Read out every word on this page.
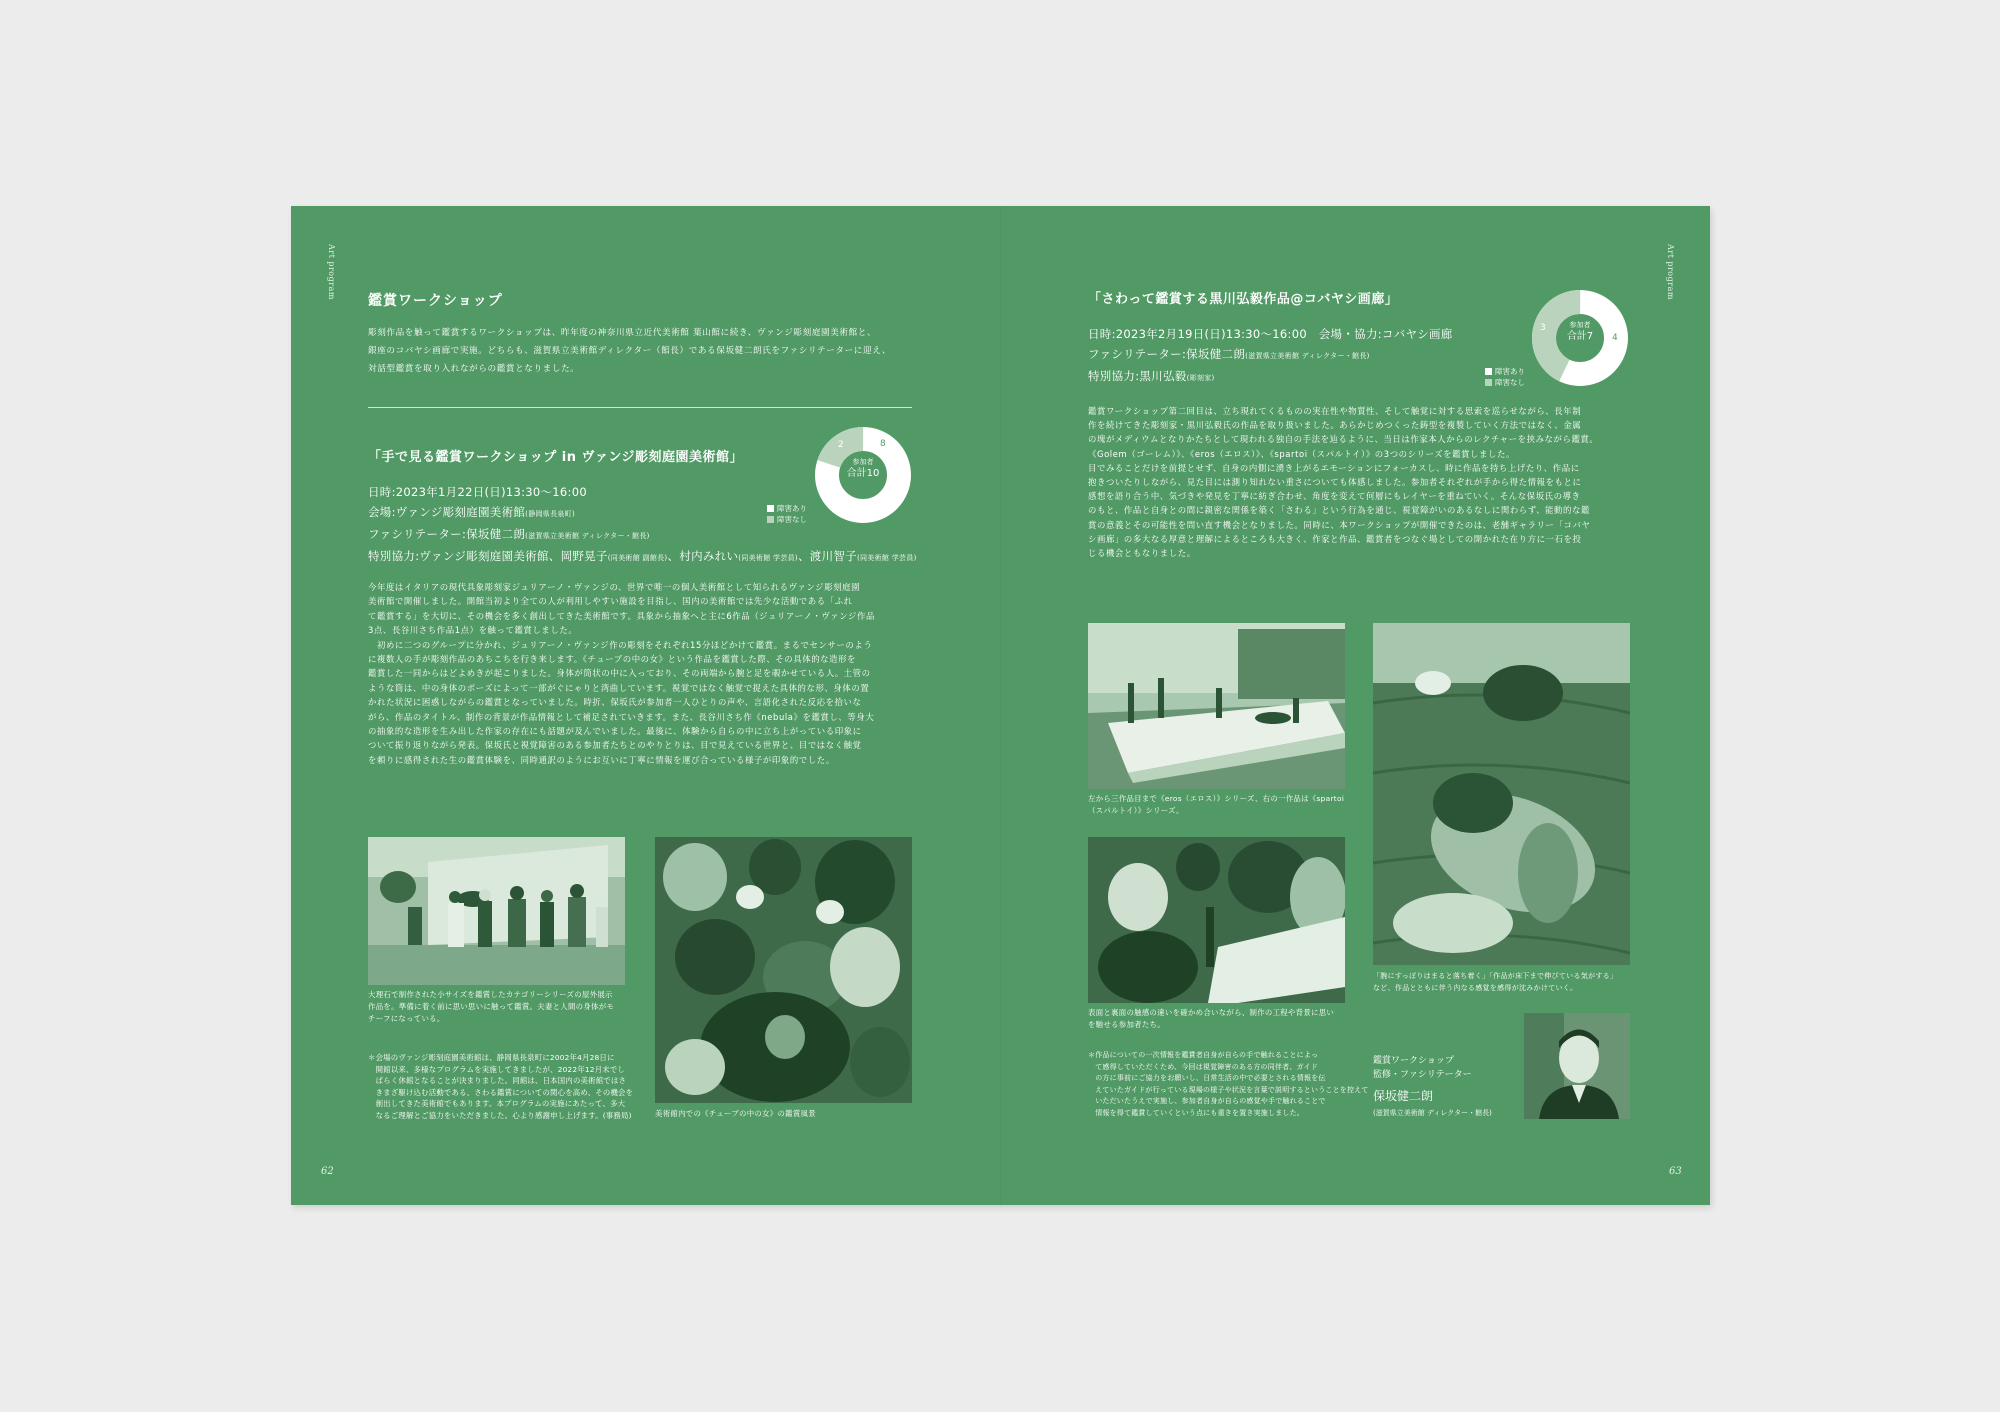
Art program
62
鑑賞ワークショップ
彫刻作品を触って鑑賞するワークショップは、昨年度の神奈川県立近代美術館 葉山館に続き、ヴァンジ彫刻庭園美術館と、
銀座のコバヤシ画廊で実施。どちらも、滋賀県立美術館ディレクター（館長）である保坂健二朗氏をファシリテーターに迎え、
対話型鑑賞を取り入れながらの鑑賞となりました。
「手で見る鑑賞ワークショップ in ヴァンジ彫刻庭園美術館」
日時:2023年1月22日(日)13:30～16:00
会場:ヴァンジ彫刻庭園美術館(静岡県長泉町)
ファシリテーター:保坂健二朗(滋賀県立美術館 ディレクター・館長)
特別協力:ヴァンジ彫刻庭園美術館、岡野晃子(同美術館 副館長)、村内みれい(同美術館 学芸員)、渡川智子(同美術館 学芸員)
参加者
合計10
8
2
障害あり
障害なし
今年度はイタリアの現代具象彫刻家ジュリアーノ・ヴァンジの、世界で唯一の個人美術館として知られるヴァンジ彫刻庭園
美術館で開催しました。開館当初より全ての人が利用しやすい施設を目指し、国内の美術館では先少な活動である「ふれ
て鑑賞する」を大切に、その機会を多く創出してきた美術館です。具象から抽象へと主に6作品（ジュリアーノ・ヴァンジ作品
3点、長谷川さち作品1点）を触って鑑賞しました。
　初めに二つのグループに分かれ、ジュリアーノ・ヴァンジ作の彫刻をそれぞれ15分ほどかけて鑑賞。まるでセンサーのよう
に複数人の手が彫刻作品のあちこちを行き来します。《チューブの中の女》という作品を鑑賞した際、その具体的な造形を
鑑賞した一同からはどよめきが起こりました。身体が筒状の中に入っており、その両端から腕と足を覗かせている人。土管の
ような筒は、中の身体のポーズによって一部がぐにゃりと湾曲しています。視覚ではなく触覚で捉えた具体的な形、身体の置
かれた状況に困惑しながらの鑑賞となっていました。時折、保坂氏が参加者一人ひとりの声や、言語化された反応を拾いな
がら、作品のタイトル、制作の背景が作品情報として補足されていきます。また、長谷川さち作《nebula》を鑑賞し、等身大
の抽象的な造形を生み出した作家の存在にも話題が及んでいました。最後に、体験から自らの中に立ち上がっている印象に
ついて振り返りながら発表。保坂氏と視覚障害のある参加者たちとのやりとりは、目で見えている世界と、目ではなく触覚
を頼りに感得された生の鑑賞体験を、同時通訳のようにお互いに丁寧に情報を運び合っている様子が印象的でした。
大理石で制作された小サイズを鑑賞したカテゴリーシリーズの屋外展示
作品を。準備に着く前に思い思いに触って鑑賞。夫妻と人間の身体がモ
チーフになっている。
美術館内での《チューブの中の女》の鑑賞風景
＊会場のヴァンジ彫刻庭園美術館は、静岡県長泉町に2002年4月28日に
　開館以来、多様なプログラムを実施してきましたが、2022年12月末でし
　ばらく休館となることが決まりました。同館は、日本国内の美術館ではさ
　きまざ駆け込む活動である、さわる鑑賞についての関心を高め、その機会を
　創出してきた美術館でもあります。本プログラムの実施にあたって、多大
　なるご理解とご協力をいただきました。心より感謝申し上げます。(事務局)
Art program
63
「さわって鑑賞する黒川弘毅作品@コバヤシ画廊」
日時:2023年2月19日(日)13:30～16:00　会場・協力:コバヤシ画廊
ファシリテーター:保坂健二朗(滋賀県立美術館 ディレクター・館長)
特別協力:黒川弘毅(彫刻家)
参加者
合計7	4
3
障害あり
障害なし
鑑賞ワークショップ第二回目は、立ち現れてくるものの実在性や物質性、そして触覚に対する思索を巡らせながら、長年制
作を続けてきた彫刻家・黒川弘毅氏の作品を取り扱いました。あらかじめつくった鋳型を複製していく方法ではなく、金属
の塊がメディウムとなりかたちとして現われる独自の手法を辿るように、当日は作家本人からのレクチャーを挟みながら鑑賞。
《Golem（ゴーレム）》、《eros（エロス）》、《spartoi（スパルトイ）》の3つのシリーズを鑑賞しました。
目でみることだけを前提とせず、自身の内側に湧き上がるエモーションにフォーカスし、時に作品を持ち上げたり、作品に
抱きついたりしながら、見た目には測り知れない重さについても体感しました。参加者それぞれが手から得た情報をもとに
感想を語り合う中、気づきや発見を丁寧に紡ぎ合わせ、角度を変えて何層にもレイヤーを重ねていく。そんな保坂氏の導き
のもと、作品と自身との間に親密な関係を築く「さわる」という行為を通じ、視覚障がいのあるなしに関わらず、能動的な鑑
賞の意義とその可能性を問い直す機会となりました。同時に、本ワークショップが開催できたのは、老舗ギャラリー「コバヤ
シ画廊」の多大なる厚意と理解によるところも大きく、作家と作品、鑑賞者をつなぐ場としての開かれた在り方に一石を投
じる機会ともなりました。
左から三作品目まで《eros（エロス）》シリーズ、右の一作品は《spartoi
（スパルトイ）》シリーズ。
表面と裏面の触感の違いを確かめ合いながら、制作の工程や背景に思い
を馳せる参加者たち。
「腕にすっぽりはまると落ち着く」「作品が床下まで伸びている気がする」
など、作品とともに伴う内なる感覚を感得が沈みかけていく。
＊作品についての一次情報を鑑賞者自身が自らの手で触れることによっ
　て感得していただくため、今回は視覚障害のある方の同伴者、ガイド
　の方に事前にご協力をお願いし、日常生活の中で必要とされる情報を伝
　えていたガイドが行っている現場の様子や状況を言葉で説明するということを控えて
　いただいたうえで実施し、参加者自身が自らの感覚や手で触れることで
　情報を得て鑑賞していくという点にも重きを置き実施しました。
鑑賞ワークショップ
監修・ファシリテーター
保坂健二朗
(滋賀県立美術館 ディレクター・館長)
